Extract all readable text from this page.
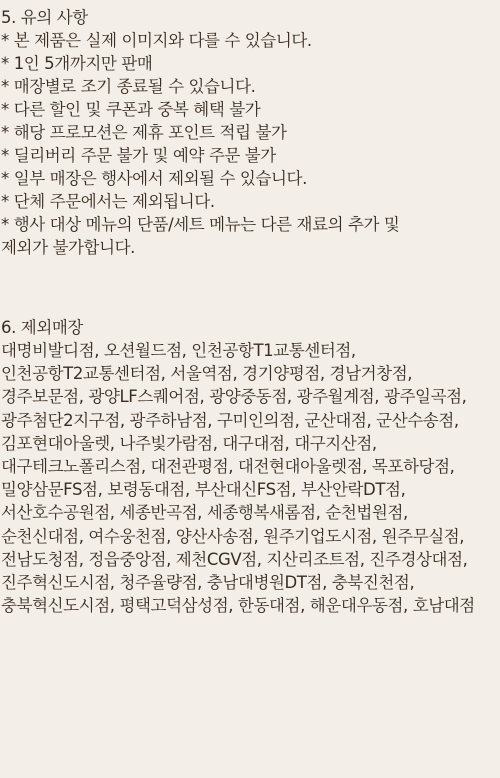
5. 유의 사항
* 본 제품은 실제 이미지와 다를 수 있습니다.
* 1인 5개까지만 판매
* 매장별로 조기 종료될 수 있습니다.
* 다른 할인 및 쿠폰과 중복 혜택 불가
* 해당 프로모션은 제휴 포인트 적립 불가
* 딜리버리 주문 불가 및 예약 주문 불가
* 일부 매장은 행사에서 제외될 수 있습니다.
* 단체 주문에서는 제외됩니다.
* 행사 대상 메뉴의 단품/세트 메뉴는 다른 재료의 추가 및
제외가 불가합니다.
6. 제외매장

대명비발디점, 오션월드점, 인천공항T1교통센터점, 인천공항T2교통센터점, 서울역점, 경기양평점, 경남거창점, 경주보문점, 광양LF스퀘어점, 광양중동점, 광주월계점, 광주일곡점, 광주첨단2지구점, 광주하남점, 구미인의점, 군산대점, 군산수송점, 김포현대아울렛, 나주빛가람점, 대구대점, 대구지산점, 대구테크노폴리스점, 대전관평점, 대전현대아울렛점, 목포하당점, 밀양삼문FS점, 보령동대점, 부산대신FS점, 부산안락DT점, 서산호수공원점, 세종반곡점, 세종행복새롬점, 순천법원점, 순천신대점, 여수웅천점, 양산사송점, 원주기업도시점, 원주무실점, 전남도청점, 정읍중앙점, 제천CGV점, 지산리조트점, 진주경상대점, 진주혁신도시점, 청주율량점, 충남대병원DT점, 충북진천점, 충북혁신도시점, 평택고덕삼성점, 한동대점, 해운대우동점, 호남대점
